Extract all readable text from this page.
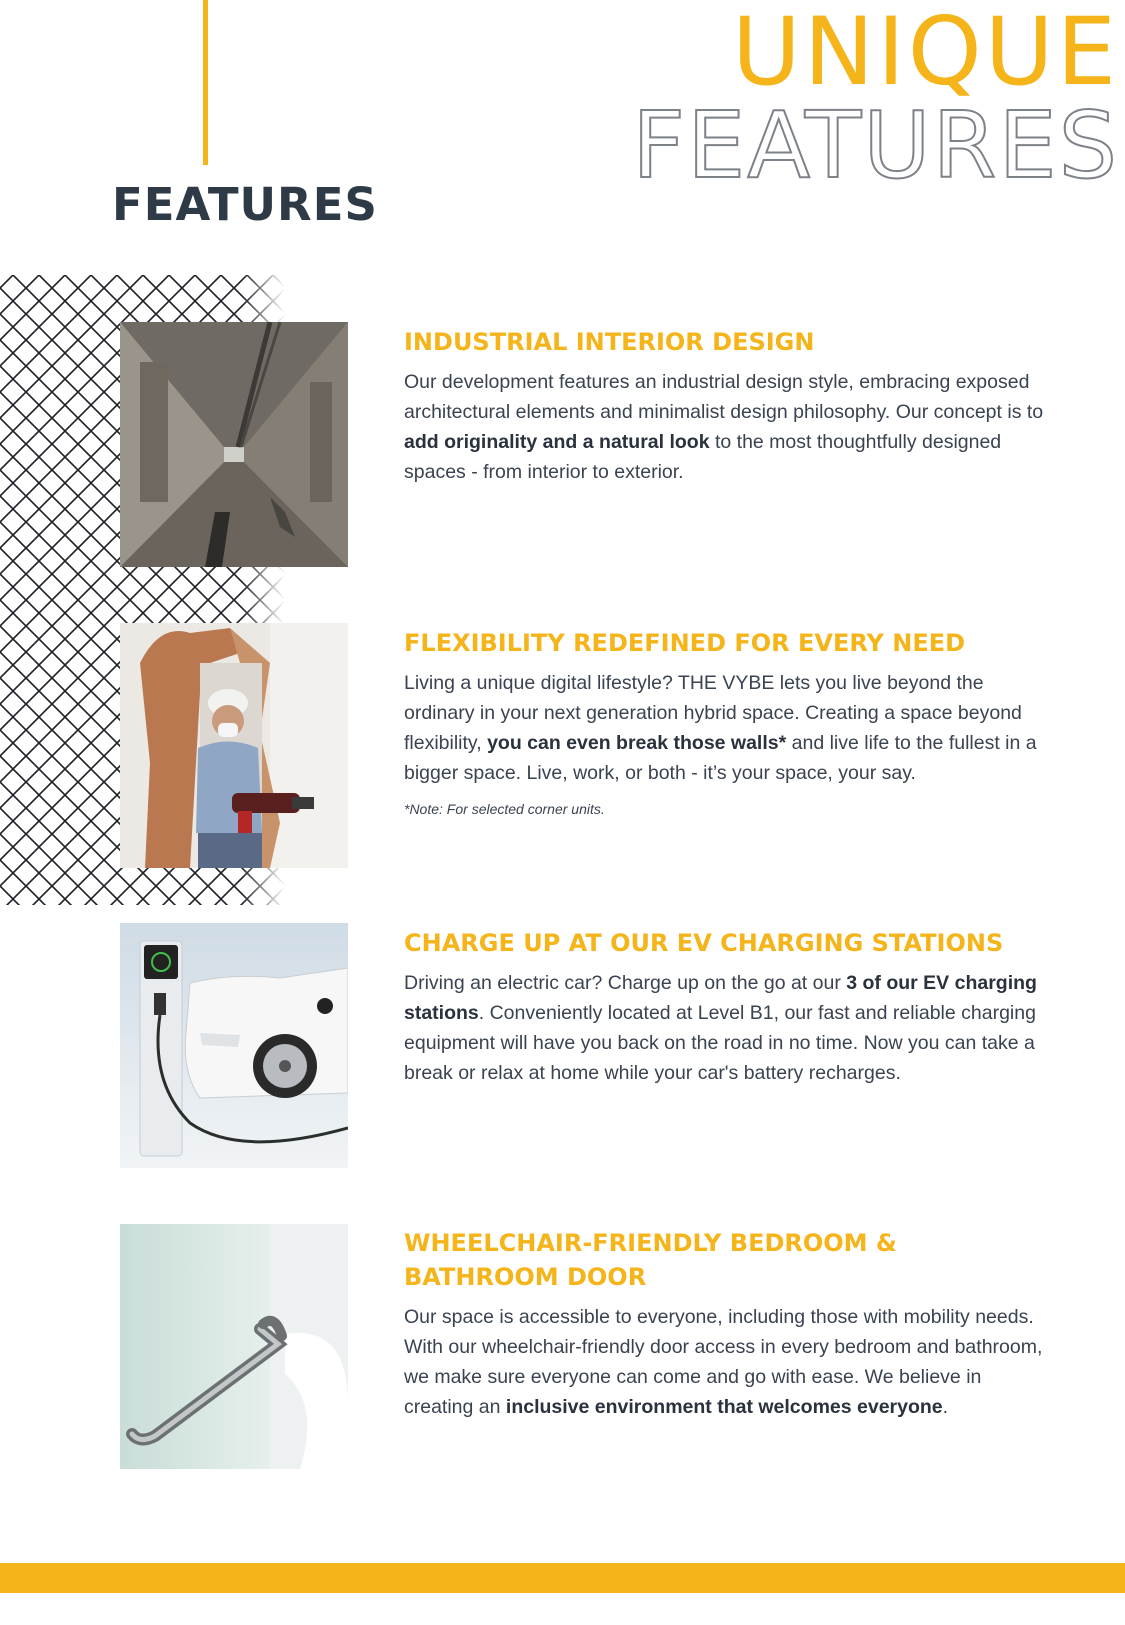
FEATURES
UNIQUE
FEATURES
INDUSTRIAL INTERIOR DESIGN

Our development features an industrial design style, embracing exposed architectural elements and minimalist design philosophy. Our concept is to add originality and a natural look to the most thoughtfully designed spaces - from interior to exterior.

FLEXIBILITY REDEFINED FOR EVERY NEED

Living a unique digital lifestyle? THE VYBE lets you live beyond the ordinary in your next generation hybrid space. Creating a space beyond flexibility, you can even break those walls* and live life to the fullest in a bigger space. Live, work, or both - it’s your space, your say.

*Note: For selected corner units.

CHARGE UP AT OUR EV CHARGING STATIONS

Driving an electric car? Charge up on the go at our 3 of our EV charging stations. Conveniently located at Level B1, our fast and reliable charging equipment will have you back on the road in no time. Now you can take a break or relax at home while your car's battery recharges.

WHEELCHAIR-FRIENDLY BEDROOM & BATHROOM DOOR

Our space is accessible to everyone, including those with mobility needs. With our wheelchair-friendly door access in every bedroom and bathroom, we make sure everyone can come and go with ease. We believe in creating an inclusive environment that welcomes everyone.
